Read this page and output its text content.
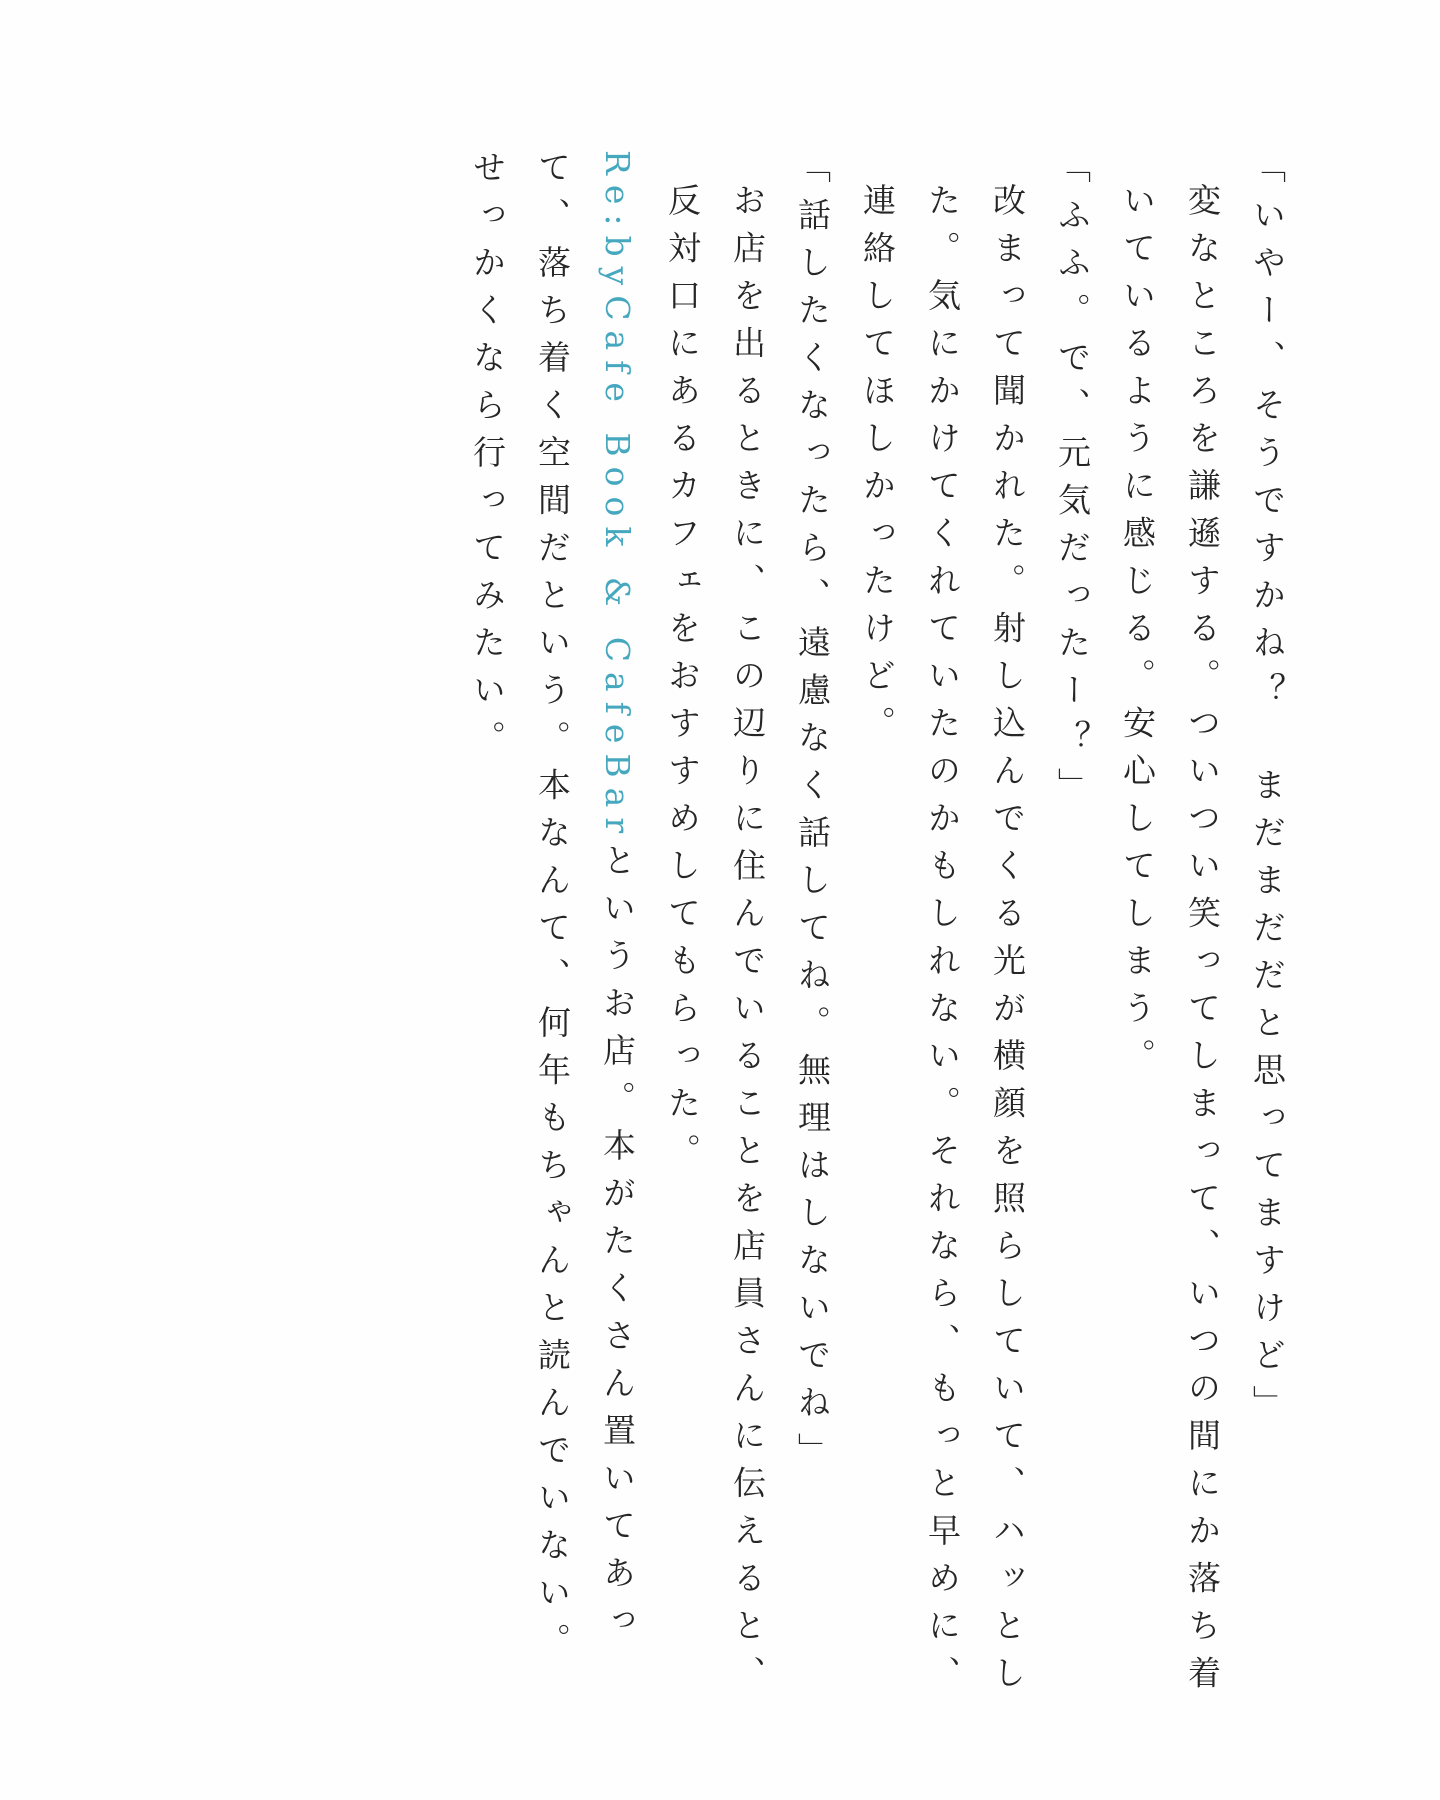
「いやー、そうですかね？　まだまだだと思ってますけど」

変なところを謙遜する。ついつい笑ってしまって、いつの間にか落ち着いているように感じる。安心してしまう。

「ふふ。で、元気だったー？」

改まって聞かれた。射し込んでくる光が横顔を照らしていて、ハッとした。気にかけてくれていたのかもしれない。それなら、もっと早めに、連絡してほしかったけど。

「話したくなったら、遠慮なく話してね。無理はしないでね」

お店を出るときに、この辺りに住んでいることを店員さんに伝えると、反対口にあるカフェをおすすめしてもらった。

Re:byCafe Book & CafeBarというお店。本がたくさん置いてあって、落ち着く空間だという。本なんて、何年もちゃんと読んでいない。せっかくなら行ってみたい。
